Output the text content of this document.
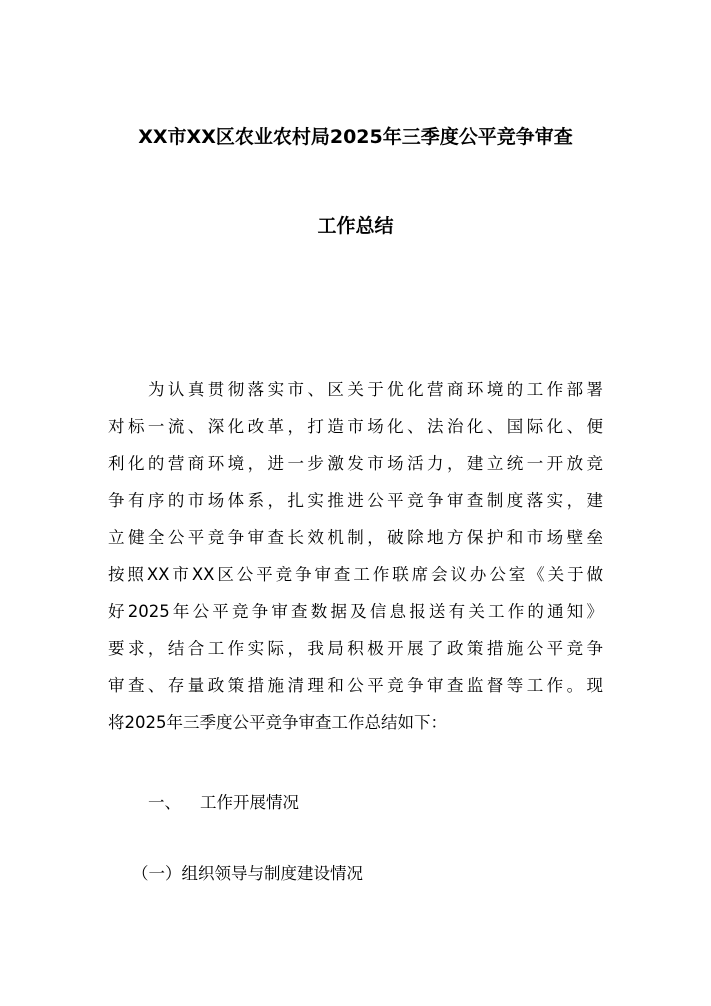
XX市XX区农业农村局2025年三季度公平竞争审查
工作总结
为认真贯彻落实市、区关于优化营商环境的工作部署
对标一流、深化改革，打造市场化、法治化、国际化、便
利化的营商环境，进一步激发市场活力，建立统一开放竞
争有序的市场体系，扎实推进公平竞争审查制度落实，建
立健全公平竞争审查长效机制，破除地方保护和市场壁垒
按照XX市XX区公平竞争审查工作联席会议办公室《关于做
好2025年公平竞争审查数据及信息报送有关工作的通知》
要求，结合工作实际，我局积极开展了政策措施公平竞争
审查、存量政策措施清理和公平竞争审查监督等工作。现
将2025年三季度公平竞争审查工作总结如下：
一、 工作开展情况
（一）组织领导与制度建设情况
